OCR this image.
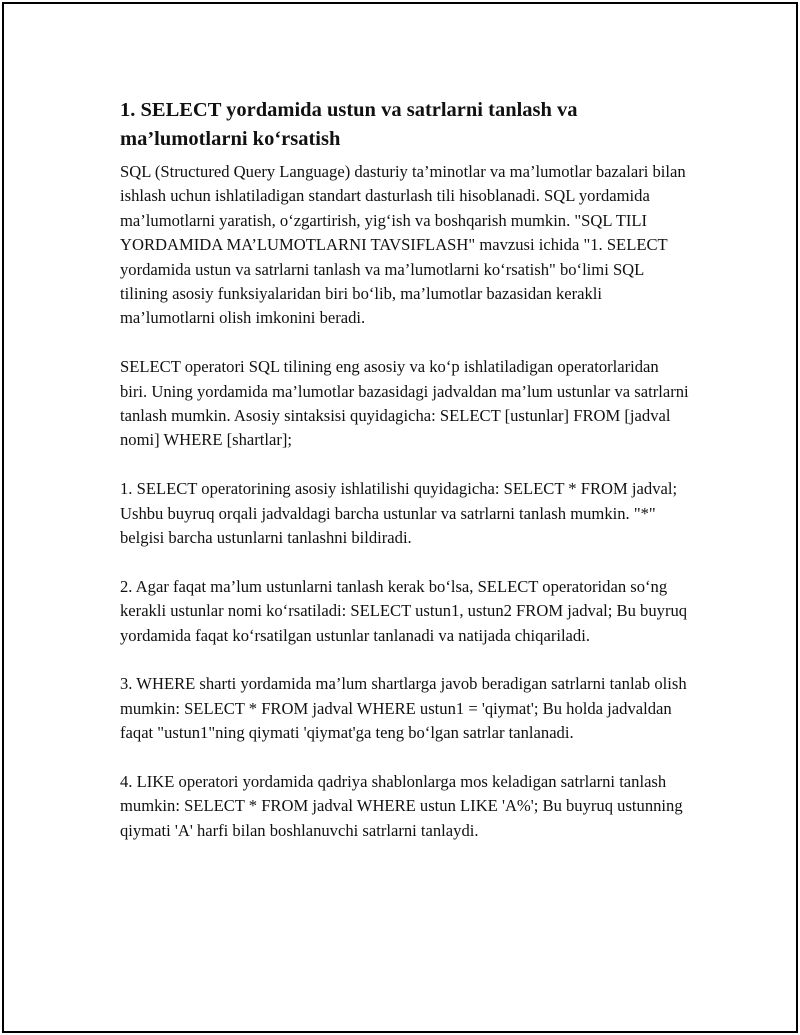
1. SELECT yordamida ustun va satrlarni tanlash va ma’lumotlarni ko‘rsatish

SQL (Structured Query Language) dasturiy ta’minotlar va ma’lumotlar bazalari bilan ishlash uchun ishlatiladigan standart dasturlash tili hisoblanadi. SQL yordamida ma’lumotlarni yaratish, o‘zgartirish, yig‘ish va boshqarish mumkin. "SQL TILI YORDAMIDA MA’LUMOTLARNI TAVSIFLASH" mavzusi ichida "1. SELECT yordamida ustun va satrlarni tanlash va ma’lumotlarni ko‘rsatish" bo‘limi SQL tilining asosiy funksiyalaridan biri bo‘lib, ma’lumotlar bazasidan kerakli ma’lumotlarni olish imkonini beradi.

SELECT operatori SQL tilining eng asosiy va ko‘p ishlatiladigan operatorlaridan biri. Uning yordamida ma’lumotlar bazasidagi jadvaldan ma’lum ustunlar va satrlarni tanlash mumkin. Asosiy sintaksisi quyidagicha: SELECT [ustunlar] FROM [jadval nomi] WHERE [shartlar];

1. SELECT operatorining asosiy ishlatilishi quyidagicha: SELECT * FROM jadval; Ushbu buyruq orqali jadvaldagi barcha ustunlar va satrlarni tanlash mumkin. "*" belgisi barcha ustunlarni tanlashni bildiradi.

2. Agar faqat ma’lum ustunlarni tanlash kerak bo‘lsa, SELECT operatoridan so‘ng kerakli ustunlar nomi ko‘rsatiladi: SELECT ustun1, ustun2 FROM jadval; Bu buyruq yordamida faqat ko‘rsatilgan ustunlar tanlanadi va natijada chiqariladi.

3. WHERE sharti yordamida ma’lum shartlarga javob beradigan satrlarni tanlab olish mumkin: SELECT * FROM jadval WHERE ustun1 = 'qiymat'; Bu holda jadvaldan faqat "ustun1"ning qiymati 'qiymat'ga teng bo‘lgan satrlar tanlanadi.

4. LIKE operatori yordamida qadriya shablonlarga mos keladigan satrlarni tanlash mumkin: SELECT * FROM jadval WHERE ustun LIKE 'A%'; Bu buyruq ustunning qiymati 'A' harfi bilan boshlanuvchi satrlarni tanlaydi.
